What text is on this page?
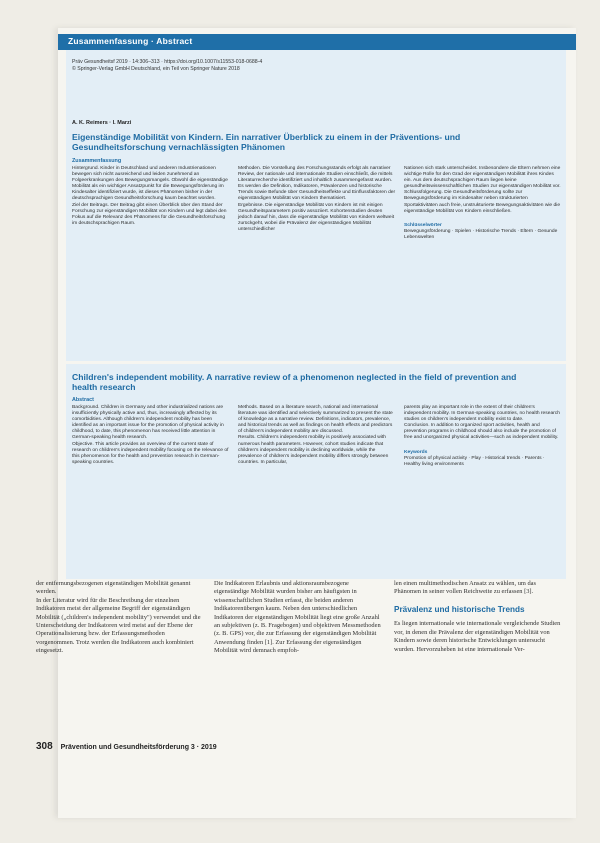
Zusammenfassung · Abstract
Präv Gesundheitsf 2019 · 14:306–313 · https://doi.org/10.1007/s11553-018-0688-4
© Springer-Verlag GmbH Deutschland, ein Teil von Springer Nature 2018
A. K. Reimers · I. Marzi
Eigenständige Mobilität von Kindern. Ein narrativer Überblick zu einem in der Präventions- und Gesundheitsforschung vernachlässigten Phänomen
Zusammenfassung
Hintergrund. Kinder in Deutschland und anderen Industrienationen bewegen sich nicht ausreichend und leiden zunehmend an Folgeerkrankungen des Bewegungsmangels. Obwohl die eigenständige Mobilität als ein wichtiger Ansatzpunkt für die Bewegungsförderung im Kindesalter identifiziert wurde, ist dieses Phänomen bisher in der deutschsprachigen Gesundheitsforschung kaum beachtet worden.
Ziel der Beitrags. Der Beitrag gibt einen Überblick über den Stand der Forschung zur eigenständigen Mobilität von Kindern und legt dabei den Fokus auf die Relevanz des Phänomens für die Gesundheitsforschung im deutschsprachigen Raum.
Methoden. Die Vorstellung des Forschungsstands erfolgt als narrativer Review, der nationale und internationale Studien einschließt, die mittels Literaturrecherche identifiziert und inhaltlich zusammengefasst wurden. Es werden die Definition, Indikatoren, Prävalenzen und historische Trends sowie Befunde über Gesundheitseffekte und Einflussfaktoren der eigenständigen Mobilität von Kindern thematisiert.
Ergebnisse. Die eigenständige Mobilität von Kindern ist mit einigen Gesundheitsparametern positiv assoziiert. Kohortenstudien deuten jedoch darauf hin, dass die eigenständige Mobilität von Kindern weltweit zurückgeht, wobei die Prävalenz der eigenständigen Mobilität unterschiedlicher
Nationen sich stark unterscheidet. Insbesondere die Eltern nehmen eine wichtige Rolle für den Grad der eigenständigen Mobilität ihres Kindes ein. Aus dem deutschsprachigen Raum liegen keine gesundheitswissenschaftlichen Studien zur eigenständigen Mobilität vor.
Schlussfolgerung. Die Gesundheitsförderung sollte zur Bewegungsförderung im Kindesalter neben strukturierten Sportaktivitäten auch freie, unstrukturierte Bewegungsaktivitäten wie die eigenständige Mobilität von Kindern einschließen.
Schlüsselwörter
Bewegungsförderung · Spielen · Historische Trends · Eltern · Gesunde Lebenswelten
Children's independent mobility. A narrative review of a phenomenon neglected in the field of prevention and health research
Abstract
Background. Children in Germany and other industrialized nations are insufficiently physically active and, thus, increasingly affected by its comorbidities. Although children's independent mobility has been identified as an important issue for the promotion of physical activity in childhood, to date, this phenomenon has received little attention in German-speaking health research.
Objective. This article provides an overview of the current state of research on children's independent mobility focusing on the relevance of this phenomenon for the health and prevention research in German-speaking countries.
Methods. Based on a literature search, national and international literature was identified and selectively summarized to present the state of knowledge as a narrative review. Definitions, indicators, prevalence, and historical trends as well as findings on health effects and predictors of children's independent mobility are discussed.
Results. Children's independent mobility is positively associated with numerous health parameters. However, cohort studies indicate that children's independent mobility is declining worldwide, while the prevalence of children's independent mobility differs strongly between countries. In particular,
parents play an important role in the extent of their children's independent mobility. In German-speaking countries, no health research studies on children's independent mobility exist to date.
Conclusion. In addition to organized sport activities, health and prevention programs in childhood should also include the promotion of free and unorganized physical activities—such as independent mobility.
Keywords
Promotion of physical activity · Play · Historical trends · Parents · Healthy living environments
der entfernungsbezogenen eigenständigen Mobilität genannt werden.
In der Literatur wird für die Beschreibung der einzelnen Indikatoren meist der allgemeine Begriff der eigenständigen Mobilität („children's independent mobility") verwendet und die Unterscheidung der Indikatoren wird meist auf der Ebene der Operationalisierung bzw. der Erfassungsmethoden vorgenommen. Trotz werden die Indikatoren auch kombiniert eingesetzt.
Die Indikatoren Erlaubnis und aktionsraumbezogene eigenständige Mobilität wurden bisher am häufigsten in wissenschaftlichen Studien erfasst, die beiden anderen Indikatorenübergen kaum. Neben den unterschiedlichen Indikatoren der eigenständigen Mobilität liegt eine große Anzahl an subjektiven (z. B. Fragebogen) und objektiven Messmethoden (z. B. GPS) vor, die zur Erfassung der eigenständigen Mobilität Anwendung finden [1]. Zur Erfassung der eigenständigen Mobilität wird demnach empfoh-
len einen multimethodischen Ansatz zu wählen, um das Phänomen in seiner vollen Reichweite zu erfassen [3].
Prävalenz und historische Trends
Es liegen internationale wie internationale vergleichende Studien vor, in denen die Prävalenz der eigenständigen Mobilität von Kindern sowie deren historische Entwicklungen untersucht wurden. Hervorzuheben ist eine internationale Ver-
308 Prävention und Gesundheitsförderung 3 · 2019
